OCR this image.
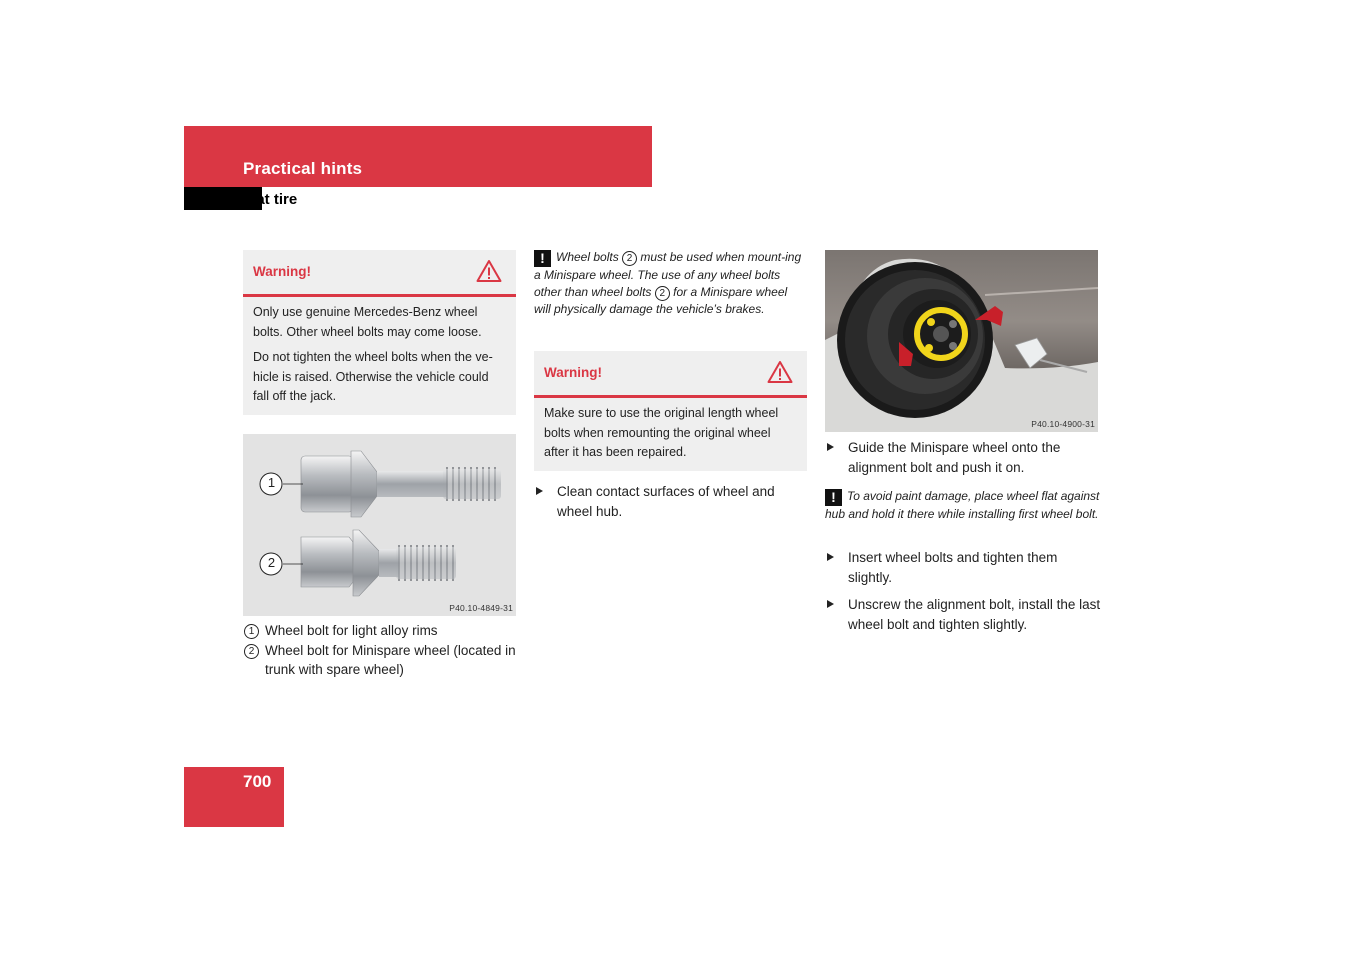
Practical hints
Flat tire
Warning!

Only use genuine Mercedes-Benz wheel bolts. Other wheel bolts may come loose.

Do not tighten the wheel bolts when the ve-hicle is raised. Otherwise the vehicle could fall off the jack.

1
2
P40.10-4849-31
1 Wheel bolt for light alloy rims
2 Wheel bolt for Minispare wheel (located in trunk with spare wheel)
! Wheel bolts 2 must be used when mount-ing a Minispare wheel. The use of any wheel bolts other than wheel bolts 2 for a Minispare wheel will physically damage the vehicle’s brakes.
Warning!

Make sure to use the original length wheel bolts when remounting the original wheel after it has been repaired.

Clean contact surfaces of wheel and wheel hub.
P40.10-4900-31
Guide the Minispare wheel onto the alignment bolt and push it on.
! To avoid paint damage, place wheel flat against hub and hold it there while installing first wheel bolt.
Insert wheel bolts and tighten them slightly.
Unscrew the alignment bolt, install the last wheel bolt and tighten slightly.
700
